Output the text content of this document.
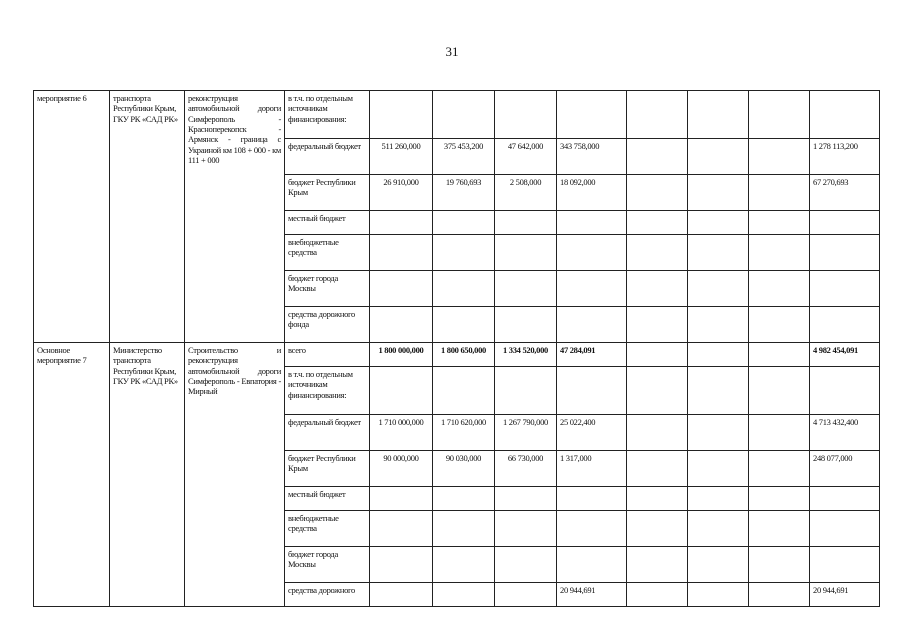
31
мероприятие 6	транспорта Республики Крым, ГКУ РК «САД РК»	реконструкция автомобильной дороги Симферополь - Красноперекопск - Армянск - граница с Украиной км 108 + 000 - км 111 + 000	в т.ч. по отдельным источникам финансирования:								
			федеральный бюджет	511 260,000	375 453,200	47 642,000	343 758,000				1 278 113,200
			бюджет Республики Крым	26 910,000	19 760,693	2 508,000	18 092,000				67 270,693
			местный бюджет								
			внебюджетные средства								
			бюджет города Москвы								
			средства дорожного фонда								
Основное мероприятие 7	Министерство транспорта Республики Крым, ГКУ РК «САД РК»	Строительство и реконструкция автомобильной дороги Симферополь - Евпатория - Мирный	всего	1 800 000,000	1 800 650,000	1 334 520,000	47 284,091				4 982 454,091
			в т.ч. по отдельным источникам финансирования:								
			федеральный бюджет	1 710 000,000	1 710 620,000	1 267 790,000	25 022,400				4 713 432,400
			бюджет Республики Крым	90 000,000	90 030,000	66 730,000	1 317,000				248 077,000
			местный бюджет								
			внебюджетные средства								
			бюджет города Москвы								
			средства дорожного				20 944,691				20 944,691
